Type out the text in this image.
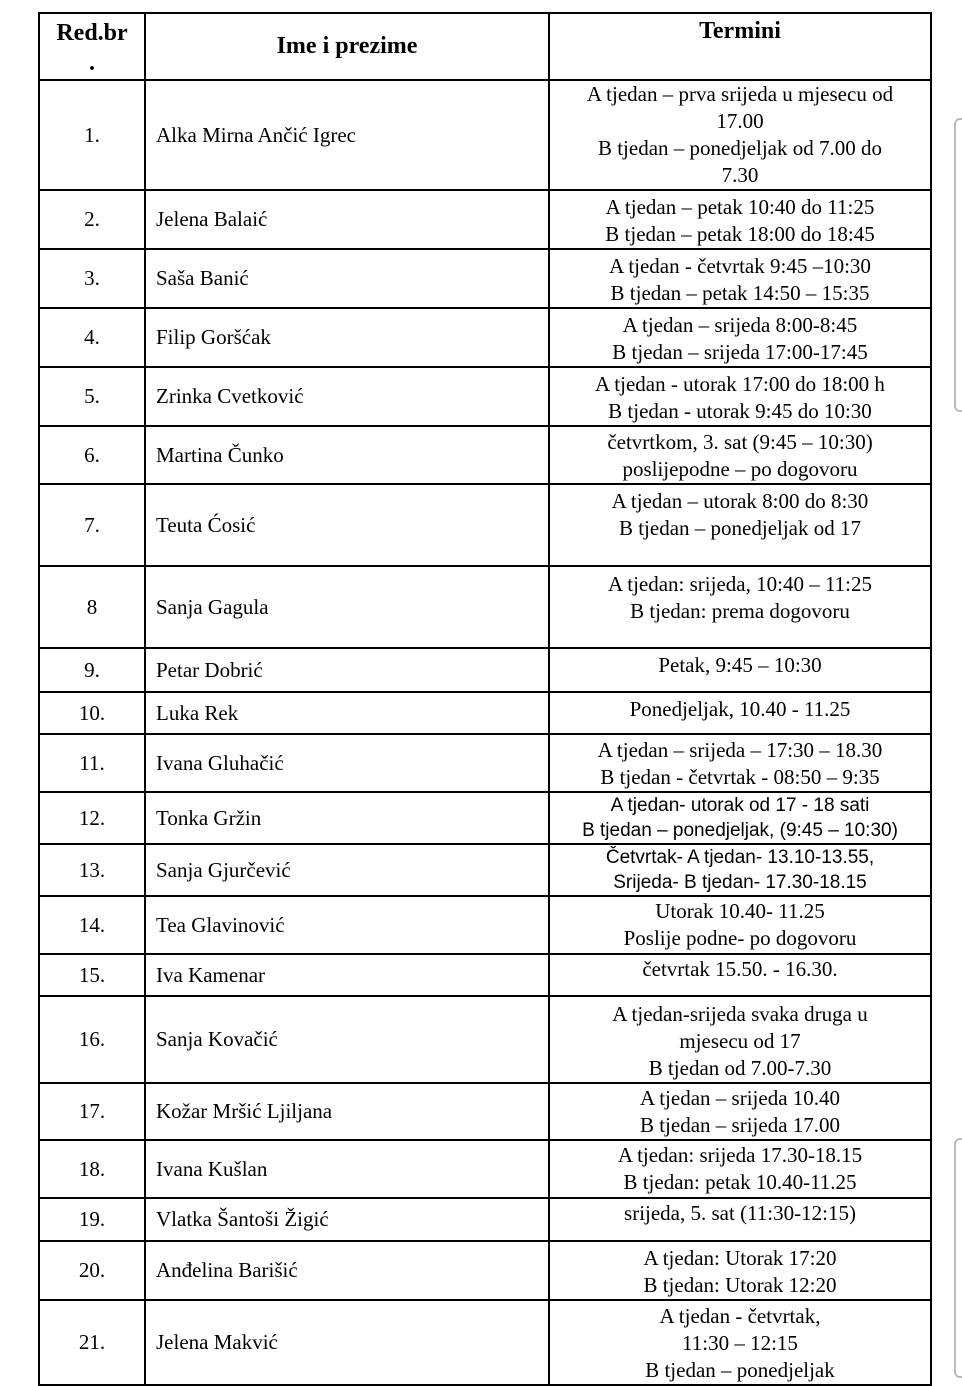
Red.br
.	Ime i prezime	Termini
1.	Alka Mirna Ančić Igrec	A tjedan – prva srijeda u mjesecu od
17.00
B tjedan – ponedjeljak od 7.00 do
7.30

2.	Jelena Balaić	A tjedan – petak 10:40 do 11:25
B tjedan – petak 18:00 do 18:45

3.	Saša Banić	A tjedan - četvrtak 9:45 –10:30
B tjedan – petak 14:50 – 15:35

4.	Filip Goršćak	A tjedan – srijeda 8:00-8:45
B tjedan – srijeda 17:00-17:45

5.	Zrinka Cvetković	A tjedan - utorak 17:00 do 18:00 h
B tjedan - utorak 9:45 do 10:30

6.	Martina Čunko	četvrtkom, 3. sat (9:45 – 10:30)
poslijepodne – po dogovoru

7.	Teuta Ćosić	A tjedan – utorak 8:00 do 8:30
B tjedan – ponedjeljak od 17

8	Sanja Gagula	A tjedan: srijeda, 10:40 – 11:25
B tjedan: prema dogovoru

9.	Petar Dobrić	Petak, 9:45 – 10:30

10.	Luka Rek	Ponedjeljak, 10.40 - 11.25

11.	Ivana Gluhačić	A tjedan – srijeda – 17:30 – 18.30
B tjedan - četvrtak - 08:50 – 9:35

12.	Tonka Gržin	A tjedan- utorak od 17 - 18 sati
B tjedan – ponedjeljak, (9:45 – 10:30)

13.	Sanja Gjurčević	Četvrtak- A tjedan- 13.10-13.55,
Srijeda- B tjedan- 17.30-18.15

14.	Tea Glavinović	Utorak 10.40- 11.25
Poslije podne- po dogovoru

15.	Iva Kamenar	četvrtak 15.50. - 16.30.

16.	Sanja Kovačić	A tjedan-srijeda svaka druga u
mjesecu od 17
B tjedan od 7.00-7.30

17.	Kožar Mršić Ljiljana	A tjedan – srijeda 10.40
B tjedan – srijeda 17.00

18.	Ivana Kušlan	A tjedan: srijeda 17.30-18.15
B tjedan: petak 10.40-11.25

19.	Vlatka Šantoši Žigić	srijeda, 5. sat (11:30-12:15)

20.	Anđelina Barišić	A tjedan: Utorak 17:20
B tjedan: Utorak 12:20

21.	Jelena Makvić	A tjedan - četvrtak,
11:30 – 12:15
B tjedan – ponedjeljak
